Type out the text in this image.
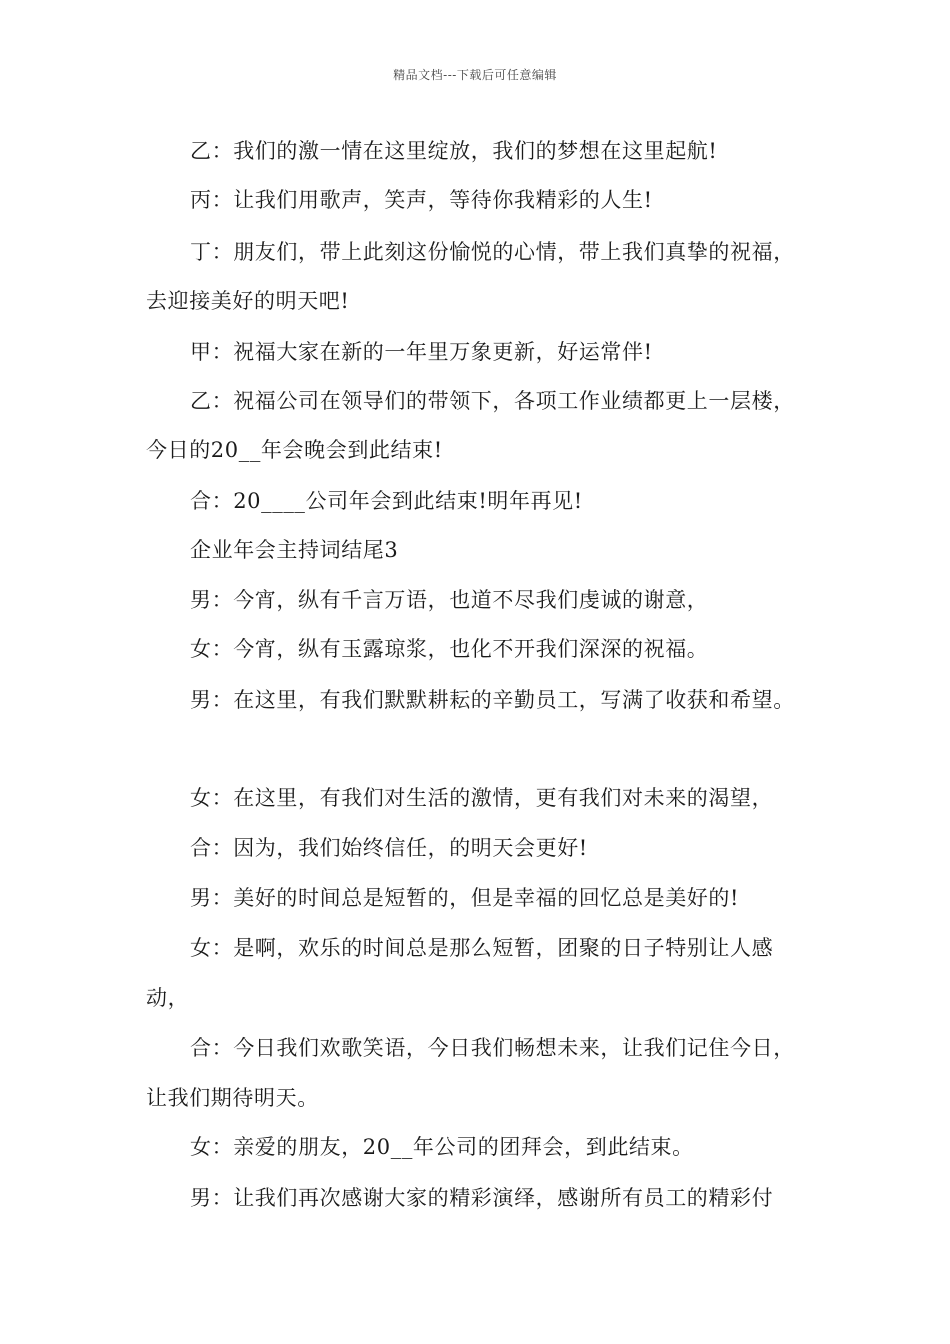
精品文档---下载后可任意编辑
乙：我们的激一情在这里绽放，我们的梦想在这里起航!
丙：让我们用歌声，笑声，等待你我精彩的人生!
丁：朋友们，带上此刻这份愉悦的心情，带上我们真挚的祝福，
去迎接美好的明天吧!
甲：祝福大家在新的一年里万象更新，好运常伴!
乙：祝福公司在领导们的带领下，各项工作业绩都更上一层楼，
今日的20__年会晚会到此结束!
合：20____公司年会到此结束!明年再见!
企业年会主持词结尾3
男：今宵，纵有千言万语，也道不尽我们虔诚的谢意，
女：今宵，纵有玉露琼浆，也化不开我们深深的祝福。
男：在这里，有我们默默耕耘的辛勤员工，写满了收获和希望。
女：在这里，有我们对生活的激情，更有我们对未来的渴望，
合：因为，我们始终信任，的明天会更好!
男：美好的时间总是短暂的，但是幸福的回忆总是美好的!
女：是啊，欢乐的时间总是那么短暂，团聚的日子特别让人感
动，
合：今日我们欢歌笑语，今日我们畅想未来，让我们记住今日，
让我们期待明天。
女：亲爱的朋友，20__年公司的团拜会，到此结束。
男：让我们再次感谢大家的精彩演绎，感谢所有员工的精彩付
